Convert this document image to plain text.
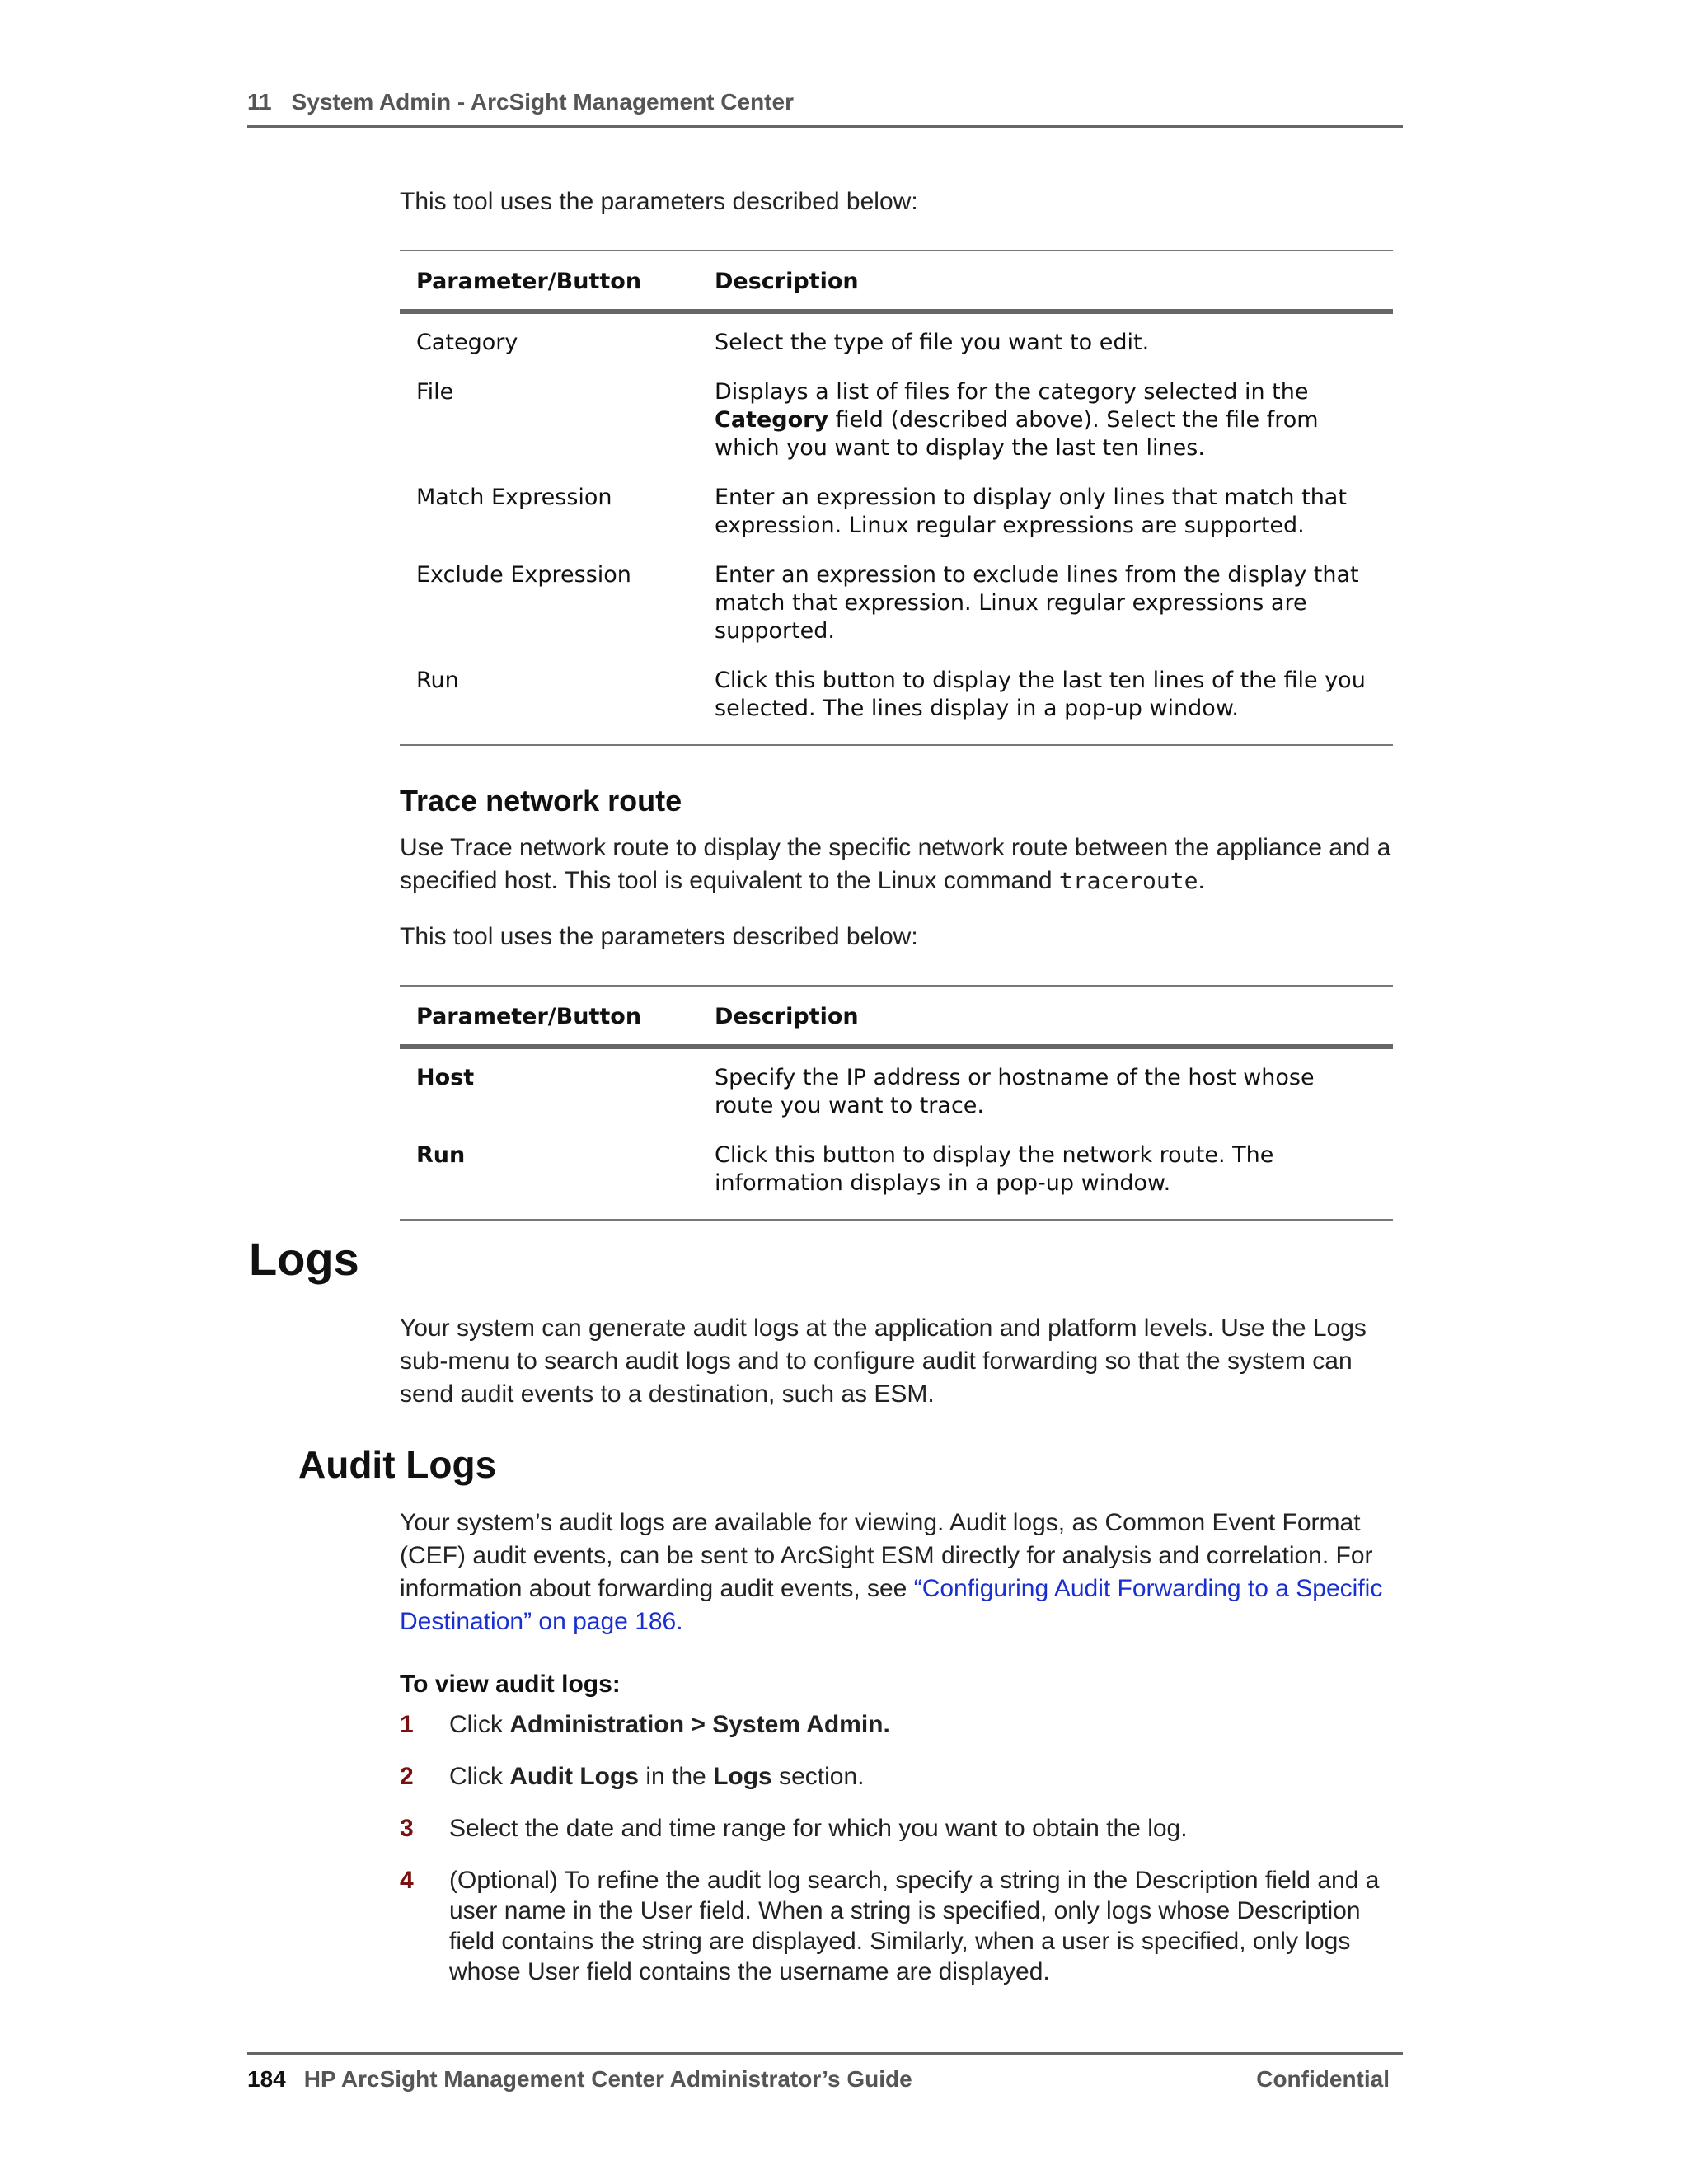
11 System Admin - ArcSight Management Center

This tool uses the parameters described below:

Parameter/Button	Description
Category	Select the type of file you want to edit.
File	Displays a list of files for the category selected in the Category field (described above). Select the file from which you want to display the last ten lines.
Match Expression	Enter an expression to display only lines that match that expression. Linux regular expressions are supported.
Exclude Expression	Enter an expression to exclude lines from the display that match that expression. Linux regular expressions are supported.
Run	Click this button to display the last ten lines of the file you selected. The lines display in a pop-up window.
Trace network route

Use Trace network route to display the specific network route between the appliance and a specified host. This tool is equivalent to the Linux command traceroute.

This tool uses the parameters described below:

Parameter/Button	Description
Host	Specify the IP address or hostname of the host whose route you want to trace.
Run	Click this button to display the network route. The information displays in a pop-up window.
Logs

Your system can generate audit logs at the application and platform levels. Use the Logs sub-menu to search audit logs and to configure audit forwarding so that the system can send audit events to a destination, such as ESM.

Audit Logs

Your system’s audit logs are available for viewing. Audit logs, as Common Event Format (CEF) audit events, can be sent to ArcSight ESM directly for analysis and correlation. For information about forwarding audit events, see “Configuring Audit Forwarding to a Specific Destination” on page 186.

To view audit logs:

1 Click Administration > System Admin.
2 Click Audit Logs in the Logs section.
3 Select the date and time range for which you want to obtain the log.
4 (Optional) To refine the audit log search, specify a string in the Description field and a user name in the User field. When a string is specified, only logs whose Description field contains the string are displayed. Similarly, when a user is specified, only logs whose User field contains the username are displayed.
184 HP ArcSight Management Center Administrator’s Guide	Confidential
